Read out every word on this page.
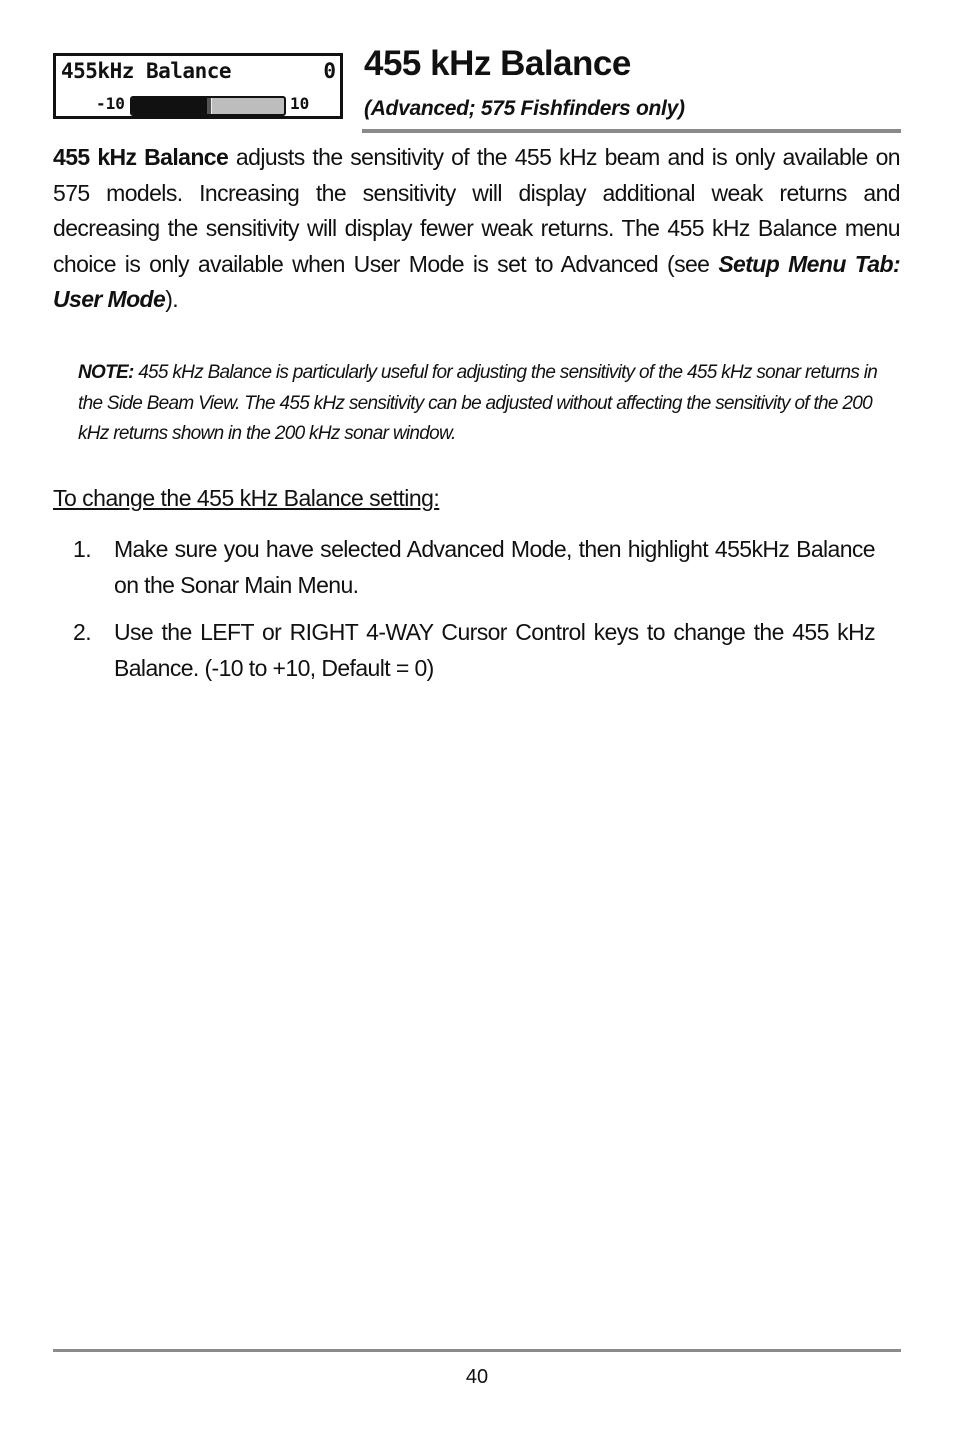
455kHz Balance	0
-10	10
455 kHz Balance
(Advanced; 575 Fishfinders only)

455 kHz Balance adjusts the sensitivity of the 455 kHz beam and is only available on 575 models. Increasing the sensitivity will display additional weak returns and decreasing the sensitivity will display fewer weak returns. The 455 kHz Balance menu choice is only available when User Mode is set to Advanced (see Setup Menu Tab: User Mode).

NOTE: 455 kHz Balance is particularly useful for adjusting the sensitivity of the 455 kHz sonar returns in the Side Beam View. The 455 kHz sensitivity can be adjusted without affecting the sensitivity of the 200 kHz returns shown in the 200 kHz sonar window.

To change the 455 kHz Balance setting:
1. Make sure you have selected Advanced Mode, then highlight 455kHz Balance on the Sonar Main Menu.
2. Use the LEFT or RIGHT 4-WAY Cursor Control keys to change the 455 kHz Balance. (-10 to +10, Default = 0)
40
